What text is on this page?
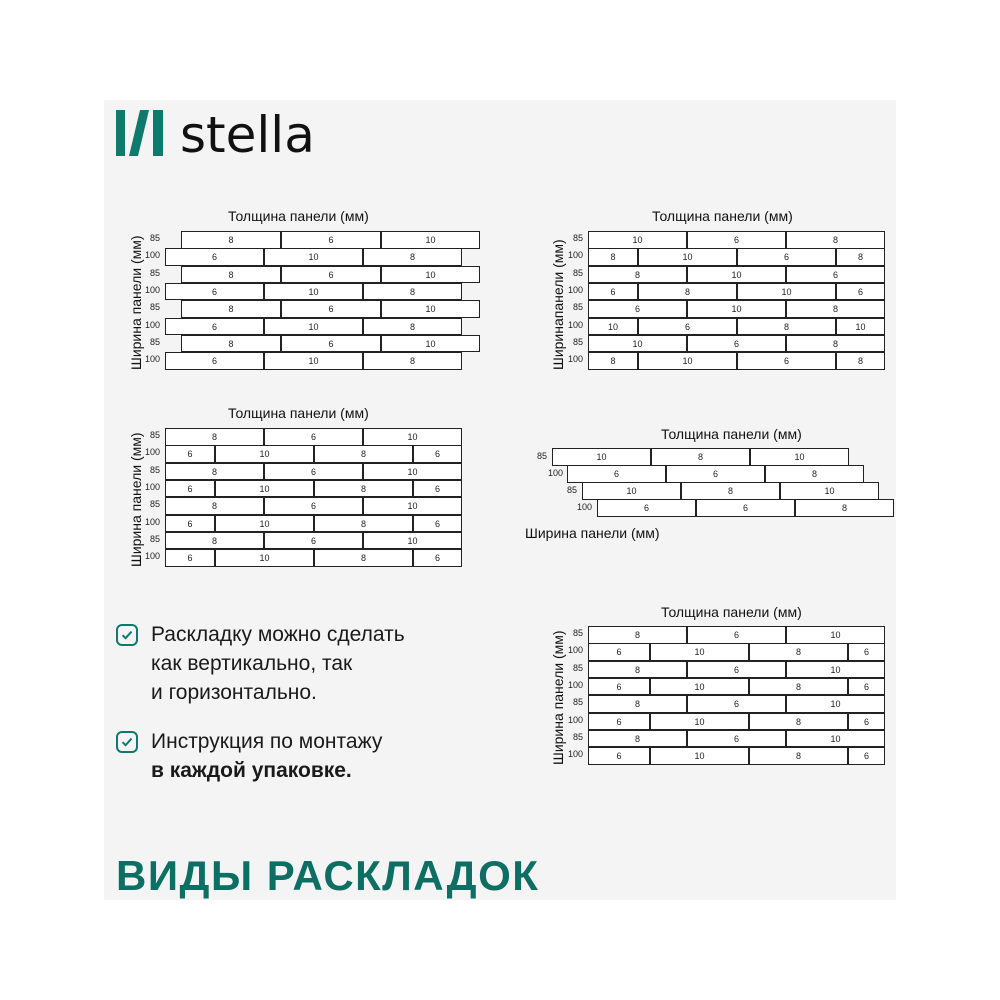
stella
Толщина панели (мм)
Ширина панели (мм) 85	8	6	10
100	6	10	8
85	8	6	10
100	6	10	8
85	8	6	10
100	6	10	8
85	8	6	10
100	6	10	8
Толщина панели (мм)
Ширинапанели (мм)
85	10	6	8
100	8	10	6	8
85	8	10	6
100	6	8	10	6
85	6	10	8
100	10	6	8	10
85	10	6	8
100	8	10	6	8
Толщина панели (мм)
Ширина панели (мм) 85	8	6	10
100	6	10	8	6
85	8	6	10
100	6	10	8	6
85	8	6	10
100	6	10	8	6
85	8	6	10
100	6	10	8	6
Толщина панели (мм)
Ширина панели (мм)
85	10	8	10
100	6	6	8
85	10	8	10
100	6	6	8
Толщина панели (мм)
Ширина панели (мм) 85	8	6	10
100	6	10	8	6
85	8	6	10
100	6	10	8	6
85	8	6	10
100	6	10	8	6
85	8	6	10
100	6	10	8	6
Раскладку можно сделать
как вертикально, так
и горизонтально.
Инструкция по монтажу
в каждой упаковке.
ВИДЫ РАСКЛАДОК
